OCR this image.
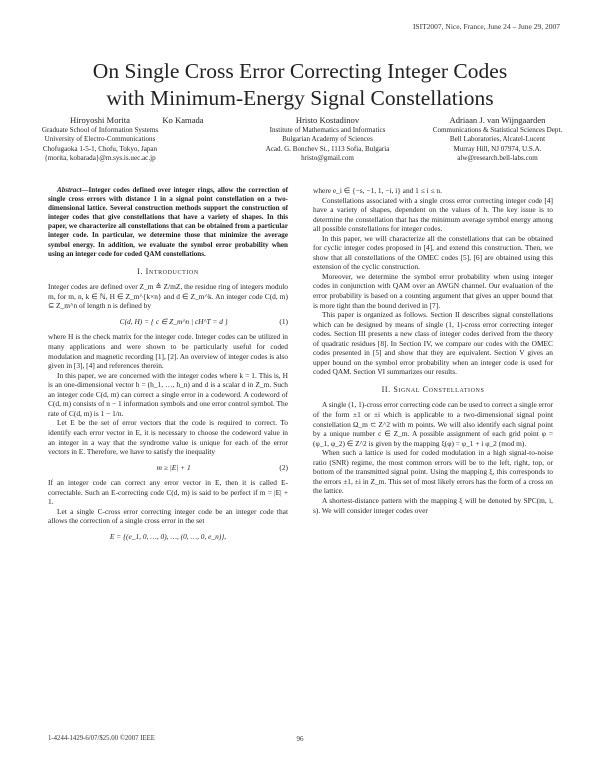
ISIT2007, Nice, France, June 24 – June 29, 2007
On Single Cross Error Correcting Integer Codes
with Minimum-Energy Signal Constellations
Hiroyoshi Morita
Graduate School of Information Systems
University of Electro-Communications
Chofugaoka 1-5-1, Chofu, Tokyo, Japan
{morita, kobarada}@m.sys.is.uec.ac.jp
Ko Kamada	Hristo Kostadinov
Institute of Mathematics and Informatics
Bulgarian Academy of Sciences
Acad. G. Bonchev St., 1113 Sofia, Bulgaria
hristo@gmail.com
Adriaan J. van Wijngaarden
Communications & Statistical Sciences Dept.
Bell Laboratories, Alcatel-Lucent
Murray Hill, NJ 07974, U.S.A.
alw@research.bell-labs.com

Abstract—Integer codes defined over integer rings, allow the correction of single cross errors with distance 1 in a signal point constellation on a two-dimensional lattice. Several construction methods support the construction of integer codes that give constellations that have a variety of shapes. In this paper, we characterize all constellations that can be obtained from a particular integer code. In particular, we determine those that minimize the average symbol energy. In addition, we evaluate the symbol error probability when using an integer code for coded QAM constellations.

I. Introduction

Integer codes are defined over Z_m ≜ Z/mZ, the residue ring of integers modulo m, for m, n, k ∈ ℕ, H ∈ Z_m^{k×n} and d ∈ Z_m^k. An integer code C(d, m) ⊆ Z_m^n of length n is defined by

C(d, H) = { c ∈ Z_m^n | cH^T = d }	(1)

where H is the check matrix for the integer code. Integer codes can be utilized in many applications and were shown to be particularly useful for coded modulation and magnetic recording [1], [2]. An overview of integer codes is also given in [3], [4] and references therein.

In this paper, we are concerned with the integer codes where k = 1. This is, H is an one-dimensional vector h = (h_1, …, h_n) and d is a scalar d in Z_m. Such an integer code C(d, m) can correct a single error in a codeword. A codeword of C(d, m) consists of n − 1 information symbols and one error control symbol. The rate of C(d, m) is 1 − 1/n.

Let E be the set of error vectors that the code is required to correct. To identify each error vector in E, it is necessary to choose the codeword value in an integer in a way that the syndrome value is unique for each of the error vectors in E. Therefore, we have to satisfy the inequality

m ≥ |E| + 1	(2)

If an integer code can correct any error vector in E, then it is called E-correctable. Such an E-correcting code C(d, m) is said to be perfect if m = |E| + 1.

Let a single C-cross error correcting integer code be an integer code that allows the correction of a single cross error in the set

E = {(e_1, 0, …, 0), …, (0, …, 0, e_n)},

where e_i ∈ {−s, −1, 1, −i, i} and 1 ≤ i ≤ n.

Constellations associated with a single cross error correcting integer code [4] have a variety of shapes, dependent on the values of h. The key issue is to determine the constellation that has the minimum average symbol energy among all possible constellations for integer codes.

In this paper, we will characterize all the constellations that can be obtained for cyclic integer codes proposed in [4], and extend this construction. Then, we show that all constellations of the OMEC codes [5], [6] are obtained using this extension of the cyclic construction.

Moreover, we determine the symbol error probability when using integer codes in conjunction with QAM over an AWGN channel. Our evaluation of the error probability is based on a counting argument that gives an upper bound that is more tight than the bound derived in [7].

This paper is organized as follows. Section II describes signal constellations which can be designed by means of single (1, 1)-cross error correcting integer codes. Section III presents a new class of integer codes derived from the theory of quadratic residues [8]. In Section IV, we compare our codes with the OMEC codes presented in [5] and show that they are equivalent. Section V gives an upper bound on the symbol error probability when an integer code is used for coded QAM. Section VI summarizes our results.

II. Signal Constellations

A single (1, 1)-cross error correcting code can be used to correct a single error of the form ±1 or ±i which is applicable to a two-dimensional signal point constellation Ω_m ⊂ Z^2 with m points. We will also identify each signal point by a unique number c ∈ Z_m. A possible assignment of each grid point φ = (φ_1, φ_2) ∈ Z^2 is given by the mapping ξ(φ) = φ_1 + i φ_2 (mod m).

When such a lattice is used for coded modulation in a high signal-to-noise ratio (SNR) regime, the most common errors will be to the left, right, top, or bottom of the transmitted signal point. Using the mapping ξ, this corresponds to the errors ±1, ±i in Z_m. This set of most likely errors has the form of a cross on the lattice.

A shortest-distance pattern with the mapping ξ will be denoted by SPC(m, i, s). We will consider integer codes over

1-4244-1429-6/07/$25.00 ©2007 IEEE	96
